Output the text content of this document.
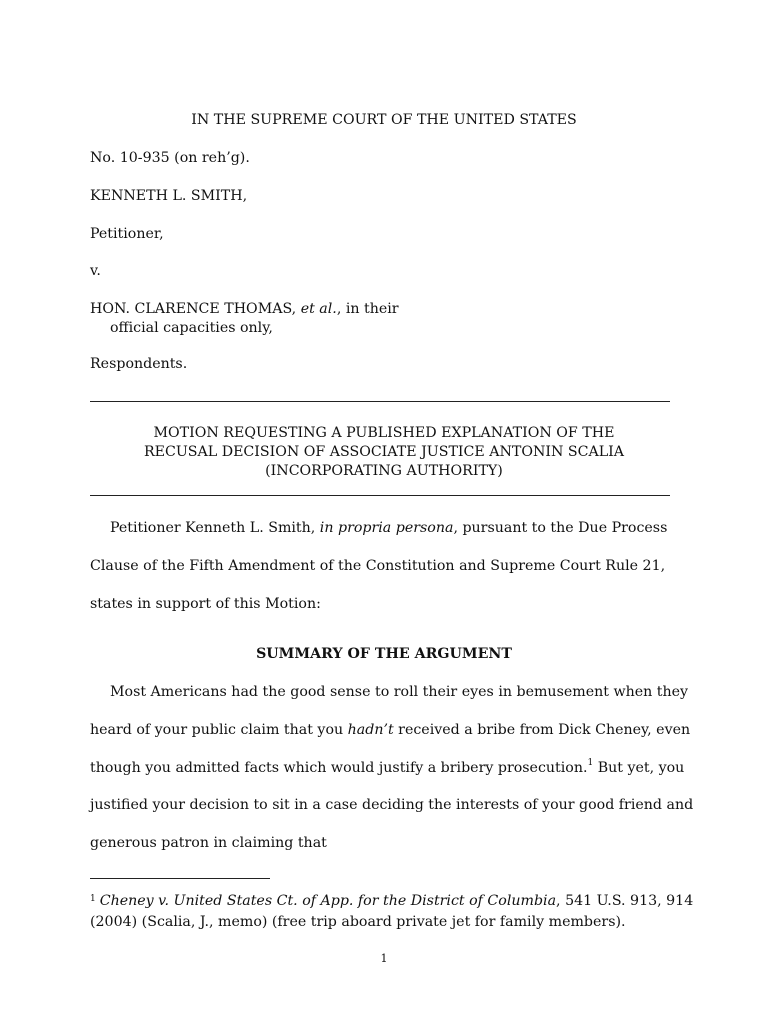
IN THE SUPREME COURT OF THE UNITED STATES
No. 10-935 (on reh’g).
KENNETH L. SMITH,
Petitioner,
v.
HON. CLARENCE THOMAS, et al., in their
official capacities only,
Respondents.
MOTION REQUESTING A PUBLISHED EXPLANATION OF THE
RECUSAL DECISION OF ASSOCIATE JUSTICE ANTONIN SCALIA
(INCORPORATING AUTHORITY)
Petitioner Kenneth L. Smith, in propria persona, pursuant to the Due Process
Clause of the Fifth Amendment of the Constitution and Supreme Court Rule 21,
states in support of this Motion:
SUMMARY OF THE ARGUMENT
Most Americans had the good sense to roll their eyes in bemusement when they
heard of your public claim that you hadn’t received a bribe from Dick Cheney, even
though you admitted facts which would justify a bribery prosecution.$^1$ But yet, you
justified your decision to sit in a case deciding the interests of your good friend and
generous patron in claiming that
$^1$ Cheney v. United States Ct. of App. for the District of Columbia, 541 U.S. 913, 914
(2004) (Scalia, J., memo) (free trip aboard private jet for family members).
1
